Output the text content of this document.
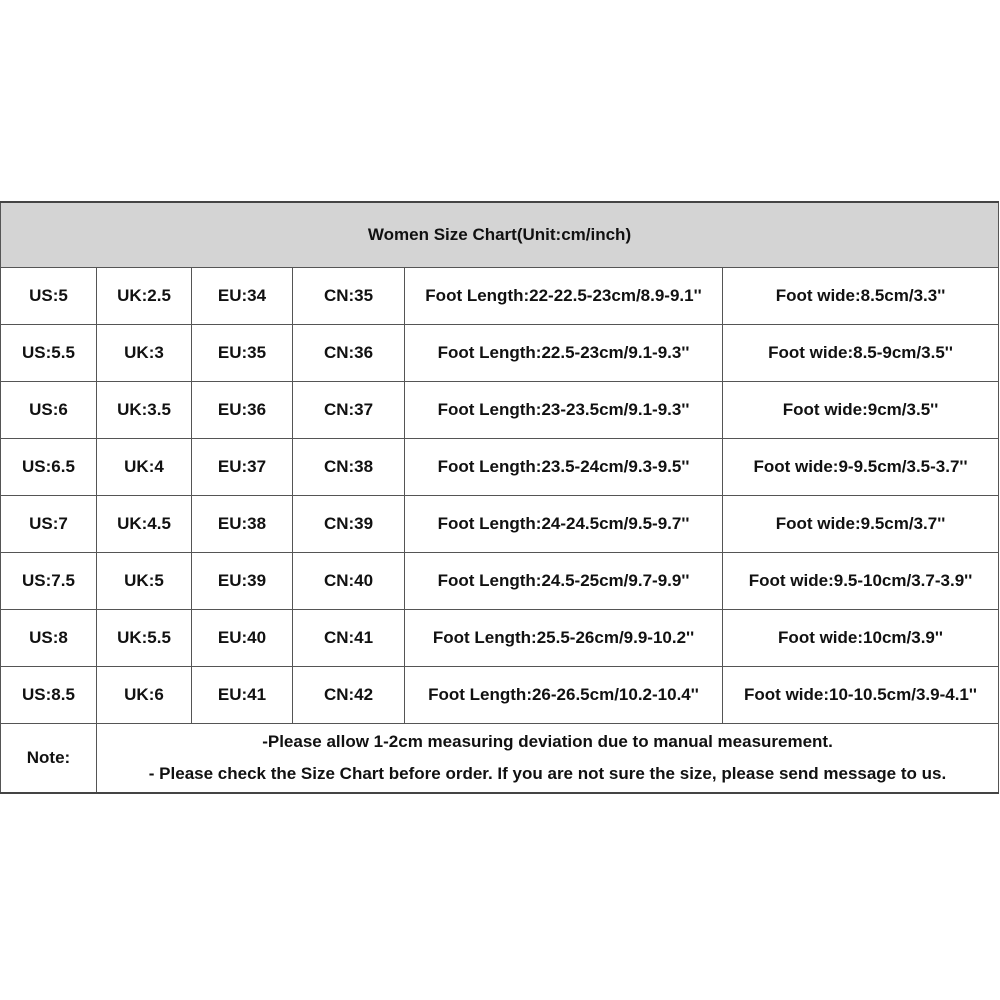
Women Size Chart(Unit:cm/inch)					
US:5	UK:2.5	EU:34	CN:35	Foot Length:22-22.5-23cm/8.9-9.1''	Foot wide:8.5cm/3.3''
US:5.5	UK:3	EU:35	CN:36	Foot Length:22.5-23cm/9.1-9.3''	Foot wide:8.5-9cm/3.5''
US:6	UK:3.5	EU:36	CN:37	Foot Length:23-23.5cm/9.1-9.3''	Foot wide:9cm/3.5''
US:6.5	UK:4	EU:37	CN:38	Foot Length:23.5-24cm/9.3-9.5''	Foot wide:9-9.5cm/3.5-3.7''
US:7	UK:4.5	EU:38	CN:39	Foot Length:24-24.5cm/9.5-9.7''	Foot wide:9.5cm/3.7''
US:7.5	UK:5	EU:39	CN:40	Foot Length:24.5-25cm/9.7-9.9''	Foot wide:9.5-10cm/3.7-3.9''
US:8	UK:5.5	EU:40	CN:41	Foot Length:25.5-26cm/9.9-10.2''	Foot wide:10cm/3.9''
US:8.5	UK:6	EU:41	CN:42	Foot Length:26-26.5cm/10.2-10.4''	Foot wide:10-10.5cm/3.9-4.1''
Note:	-Please allow 1-2cm measuring deviation due to manual measurement.
- Please check the Size Chart before order. If you are not sure the size, please send message to us.				
